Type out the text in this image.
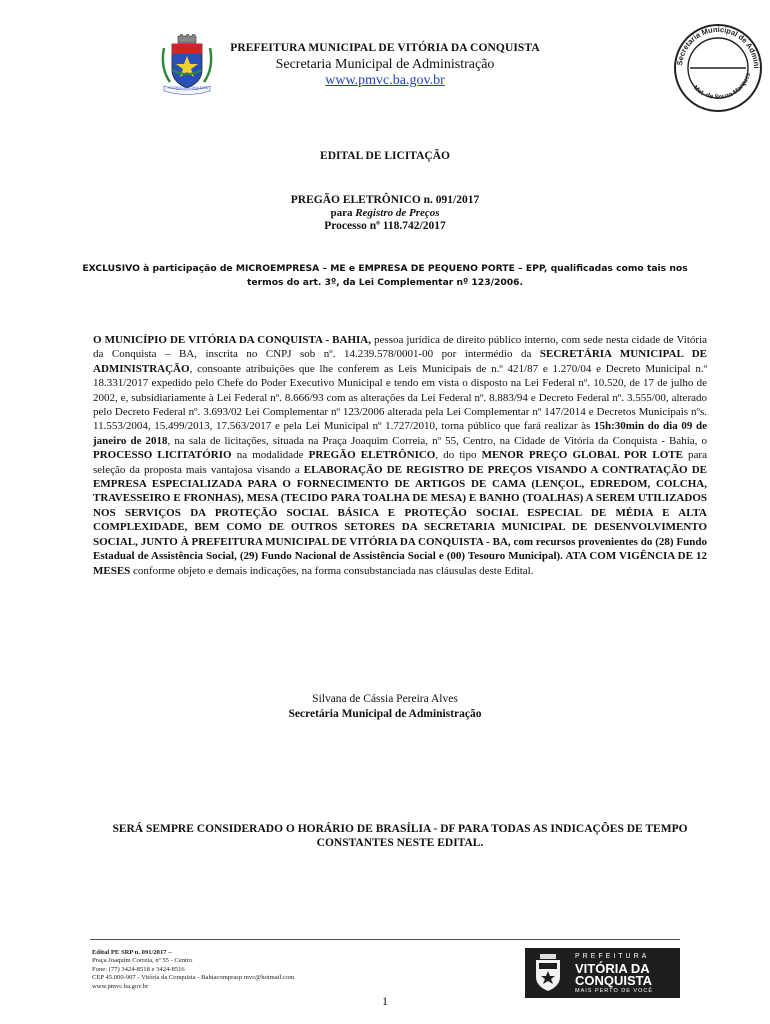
VITÓRIA DA CONQUISTA
PREFEITURA MUNICIPAL DE VITÓRIA DA CONQUISTA
Secretaria Municipal de Administração
www.pmvc.ba.gov.br
Secretaria Municipal de Admini
Mat. de Souza Marques
EDITAL DE LICITAÇÃO
PREGÃO ELETRÔNICO n. 091/2017
para Registro de Preços
Processo nº 118.742/2017
EXCLUSIVO à participação de MICROEMPRESA – ME e EMPRESA DE PEQUENO PORTE – EPP, qualificadas como tais nos termos do art. 3º, da Lei Complementar nº 123/2006.

O MUNICÍPIO DE VITÓRIA DA CONQUISTA - BAHIA, pessoa jurídica de direito público interno, com sede nesta cidade de Vitória da Conquista – BA, inscrita no CNPJ sob nº. 14.239.578/0001-00 por intermédio da SECRETÁRIA MUNICIPAL DE ADMINISTRAÇÃO, consoante atribuições que lhe conferem as Leis Municipais de n.º 421/87 e 1.270/04 e Decreto Municipal n.º 18.331/2017 expedido pelo Chefe do Poder Executivo Municipal e tendo em vista o disposto na Lei Federal nº. 10.520, de 17 de julho de 2002, e, subsidiariamente à Lei Federal nº. 8.666/93 com as alterações da Lei Federal nº. 8.883/94 e Decreto Federal nº. 3.555/00, alterado pelo Decreto Federal nº. 3.693/02 Lei Complementar nº 123/2006 alterada pela Lei Complementar nº 147/2014 e Decretos Municipais nºs. 11.553/2004, 15.499/2013, 17.563/2017 e pela Lei Municipal nº 1.727/2010, torna público que fará realizar às 15h:30min do dia 09 de janeiro de 2018, na sala de licitações, situada na Praça Joaquim Correia, nº 55, Centro, na Cidade de Vitória da Conquista - Bahia, o PROCESSO LICITATÓRIO na modalidade PREGÃO ELETRÔNICO, do tipo MENOR PREÇO GLOBAL POR LOTE para seleção da proposta mais vantajosa visando a ELABORAÇÃO DE REGISTRO DE PREÇOS VISANDO A CONTRATAÇÃO DE EMPRESA ESPECIALIZADA PARA O FORNECIMENTO DE ARTIGOS DE CAMA (LENÇOL, EDREDOM, COLCHA, TRAVESSEIRO E FRONHAS), MESA (TECIDO PARA TOALHA DE MESA) E BANHO (TOALHAS) A SEREM UTILIZADOS NOS SERVIÇOS DA PROTEÇÃO SOCIAL BÁSICA E PROTEÇÃO SOCIAL ESPECIAL DE MÉDIA E ALTA COMPLEXIDADE, BEM COMO DE OUTROS SETORES DA SECRETARIA MUNICIPAL DE DESENVOLVIMENTO SOCIAL, JUNTO À PREFEITURA MUNICIPAL DE VITÓRIA DA CONQUISTA - BA, com recursos provenientes do (28) Fundo Estadual de Assistência Social, (29) Fundo Nacional de Assistência Social e (00) Tesouro Municipal). ATA COM VIGÊNCIA DE 12 MESES conforme objeto e demais indicações, na forma consubstanciada nas cláusulas deste Edital.

Silvana de Cássia Pereira Alves
Secretária Municipal de Administração
SERÁ SEMPRE CONSIDERADO O HORÁRIO DE BRASÍLIA - DF PARA TODAS AS INDICAÇÕES DE TEMPO CONSTANTES NESTE EDITAL.
Edital PE SRP n. 091/2017 –
Praça Joaquim Correia, nº 55 - Centro
Fone: (77) 3424-8518 e 3424-8516
CEP 45.000-907 - Vitória da Conquista - Bahiacomprasp mvc@hotmail.com
www.pmvc.ba.gov.br
1
PREFEITURA
VITÓRIA DA
CONQUISTA
MAIS PERTO DE VOCÊ
